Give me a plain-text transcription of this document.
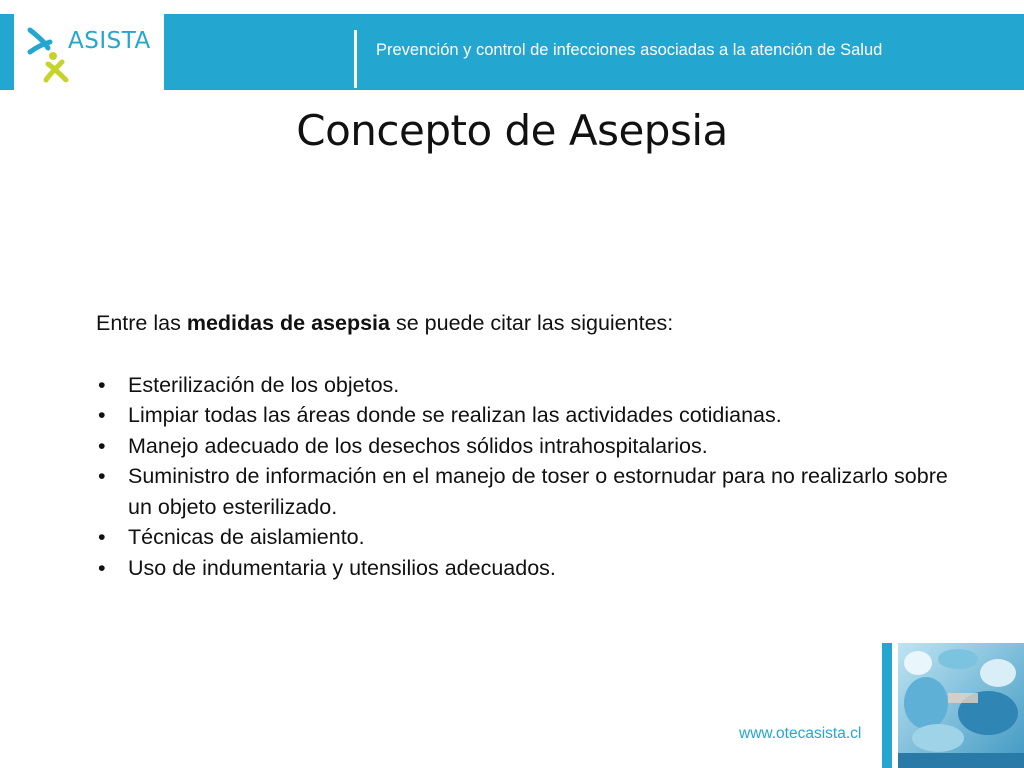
ASISTA	Prevención y control de infecciones asociadas a la atención de Salud
Concepto de Asepsia

Entre las medidas de asepsia se puede citar las siguientes:

• Esterilización de los objetos.
• Limpiar todas las áreas donde se realizan las actividades cotidianas.
• Manejo adecuado de los desechos sólidos intrahospitalarios.
• Suministro de información en el manejo de toser o estornudar para no realizarlo sobre un objeto esterilizado.
• Técnicas de aislamiento.
• Uso de indumentaria y utensilios adecuados.
www.otecasista.cl
